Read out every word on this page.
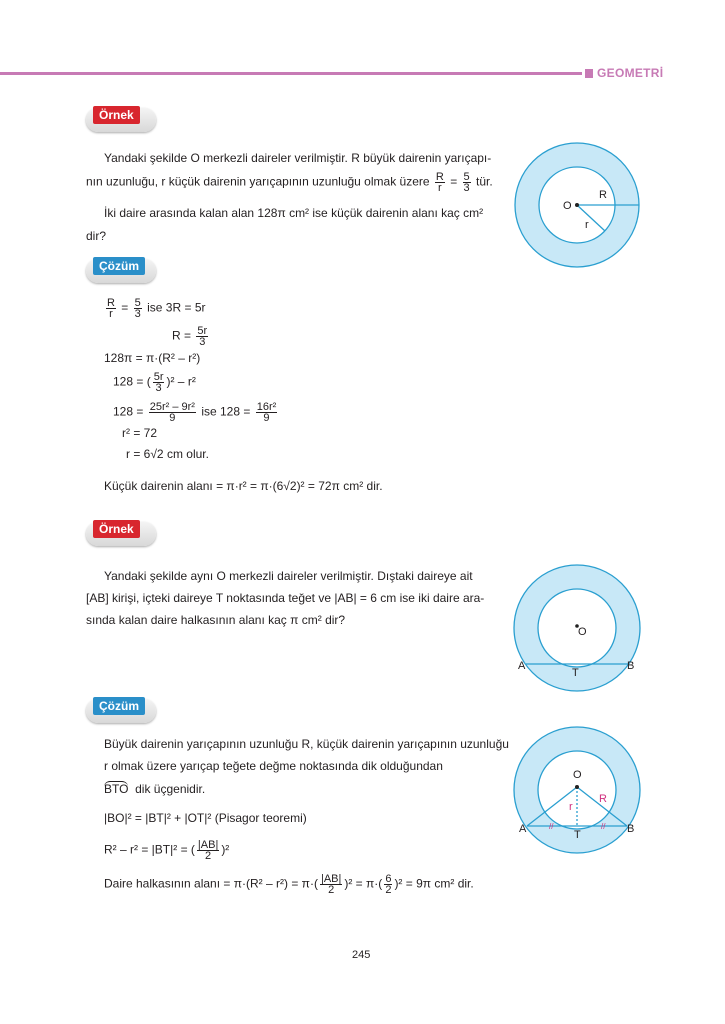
GEOMETRİ
Örnek
Yandaki şekilde O merkezli daireler verilmiştir. R büyük dairenin yarıçapı-
nın uzunluğu, r küçük dairenin yarıçapının uzunluğu olmak üzere $\frac{R}{r} = \frac{5}{3}$ tür.
İki daire arasında kalan alan 128π cm² ise küçük dairenin alanı kaç cm²
dir?
O
R
r
Çözüm
$\frac{R}{r} = \frac{5}{3}$ ise 3R = 5r
$R = \frac{5r}{3}$
128π = π·(R² – r²)
128 = ( $\frac{5r}{3} )^2 - r^2$
$128 = \frac{\text{25r² – 9r²}}{9}$ ise $128 = \frac{\text{16r²}}{9}$
r² = 72
r = 6√2 cm olur.
Küçük dairenin alanı = π·r² = π·(6√2)² = 72π cm² dir.
Örnek
Yandaki şekilde aynı O merkezli daireler verilmiştir. Dıştaki daireye ait
[AB] kirişi, içteki daireye T noktasında teğet ve |AB| = 6 cm ise iki daire ara-
sında kalan daire halkasının alanı kaç π cm² dir?
O
A	B
T
Çözüm
Büyük dairenin yarıçapının uzunluğu R, küçük dairenin yarıçapının uzunluğu
r olmak üzere yarıçap teğete değme noktasında dik olduğundan
BTO dik üçgenidir.
|BO|² = |BT|² + |OT|² (Pisagor teoremi)
R² – r² = |BT|² = ( $\frac{|AB|}{2} )^2$
Daire halkasının alanı = $\pi\cdot(R^2 - r^2) = \pi\cdot( \frac{|AB|}{2} )^2 = \pi\cdot( \frac{6}{2} )^2 = 9\pi$ cm² dir.
O
A	B
T
R
r
//	//
245
